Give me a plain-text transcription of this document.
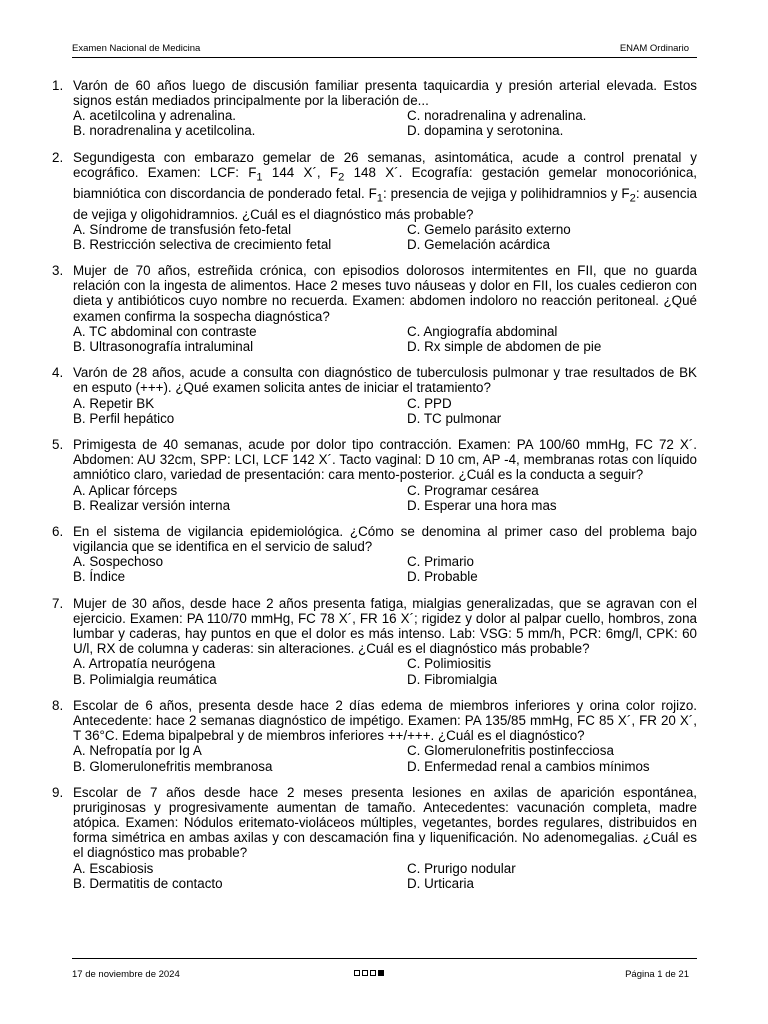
Examen Nacional de Medicina	ENAM Ordinario
1. Varón de 60 años luego de discusión familiar presenta taquicardia y presión arterial elevada. Estos signos están mediados principalmente por la liberación de...
A. acetilcolina y adrenalina.	C. noradrenalina y adrenalina.
B. noradrenalina y acetilcolina.	D. dopamina y serotonina.
2. Segundigesta con embarazo gemelar de 26 semanas, asintomática, acude a control prenatal y ecográfico. Examen: LCF: $F_1$ 144 X´, $F_2$ 148 X´. Ecografía: gestación gemelar monocoriónica, biamniótica con discordancia de ponderado fetal. $F_1$: presencia de vejiga y polihidramnios y $F_2$: ausencia de vejiga y oligohidramnios. ¿Cuál es el diagnóstico más probable?
A. Síndrome de transfusión feto-fetal	C. Gemelo parásito externo
B. Restricción selectiva de crecimiento fetal	D. Gemelación acárdica
3. Mujer de 70 años, estreñida crónica, con episodios dolorosos intermitentes en FII, que no guarda relación con la ingesta de alimentos. Hace 2 meses tuvo náuseas y dolor en FII, los cuales cedieron con dieta y antibióticos cuyo nombre no recuerda. Examen: abdomen indoloro no reacción peritoneal. ¿Qué examen confirma la sospecha diagnóstica?
A. TC abdominal con contraste	C. Angiografía abdominal
B. Ultrasonografía intraluminal	D. Rx simple de abdomen de pie
4. Varón de 28 años, acude a consulta con diagnóstico de tuberculosis pulmonar y trae resultados de BK en esputo (+++). ¿Qué examen solicita antes de iniciar el tratamiento?
A. Repetir BK	C. PPD
B. Perfil hepático	D. TC pulmonar
5. Primigesta de 40 semanas, acude por dolor tipo contracción. Examen: PA 100/60 mmHg, FC 72 X´. Abdomen: AU 32cm, SPP: LCI, LCF 142 X´. Tacto vaginal: D 10 cm, AP -4, membranas rotas con líquido amniótico claro, variedad de presentación: cara mento-posterior. ¿Cuál es la conducta a seguir?
A. Aplicar fórceps	C. Programar cesárea
B. Realizar versión interna	D. Esperar una hora mas
6. En el sistema de vigilancia epidemiológica. ¿Cómo se denomina al primer caso del problema bajo vigilancia que se identifica en el servicio de salud?
A. Sospechoso	C. Primario
B. Índice	D. Probable
7. Mujer de 30 años, desde hace 2 años presenta fatiga, mialgias generalizadas, que se agravan con el ejercicio. Examen: PA 110/70 mmHg, FC 78 X´, FR 16 X´; rigidez y dolor al palpar cuello, hombros, zona lumbar y caderas, hay puntos en que el dolor es más intenso. Lab: VSG: 5 mm/h, PCR: 6mg/l, CPK: 60 U/l, RX de columna y caderas: sin alteraciones. ¿Cuál es el diagnóstico más probable?
A. Artropatía neurógena	C. Polimiositis
B. Polimialgia reumática	D. Fibromialgia
8. Escolar de 6 años, presenta desde hace 2 días edema de miembros inferiores y orina color rojizo. Antecedente: hace 2 semanas diagnóstico de impétigo. Examen: PA 135/85 mmHg, FC 85 X´, FR 20 X´, T 36°C. Edema bipalpebral y de miembros inferiores ++/+++. ¿Cuál es el diagnóstico?
A. Nefropatía por Ig A	C. Glomerulonefritis postinfecciosa
B. Glomerulonefritis membranosa	D. Enfermedad renal a cambios mínimos
9. Escolar de 7 años desde hace 2 meses presenta lesiones en axilas de aparición espontánea, pruriginosas y progresivamente aumentan de tamaño. Antecedentes: vacunación completa, madre atópica. Examen: Nódulos eritemato-violáceos múltiples, vegetantes, bordes regulares, distribuidos en forma simétrica en ambas axilas y con descamación fina y liquenificación. No adenomegalias. ¿Cuál es el diagnóstico mas probable?
A. Escabiosis	C. Prurigo nodular
B. Dermatitis de contacto	D. Urticaria
17 de noviembre de 2024	Página 1 de 21
